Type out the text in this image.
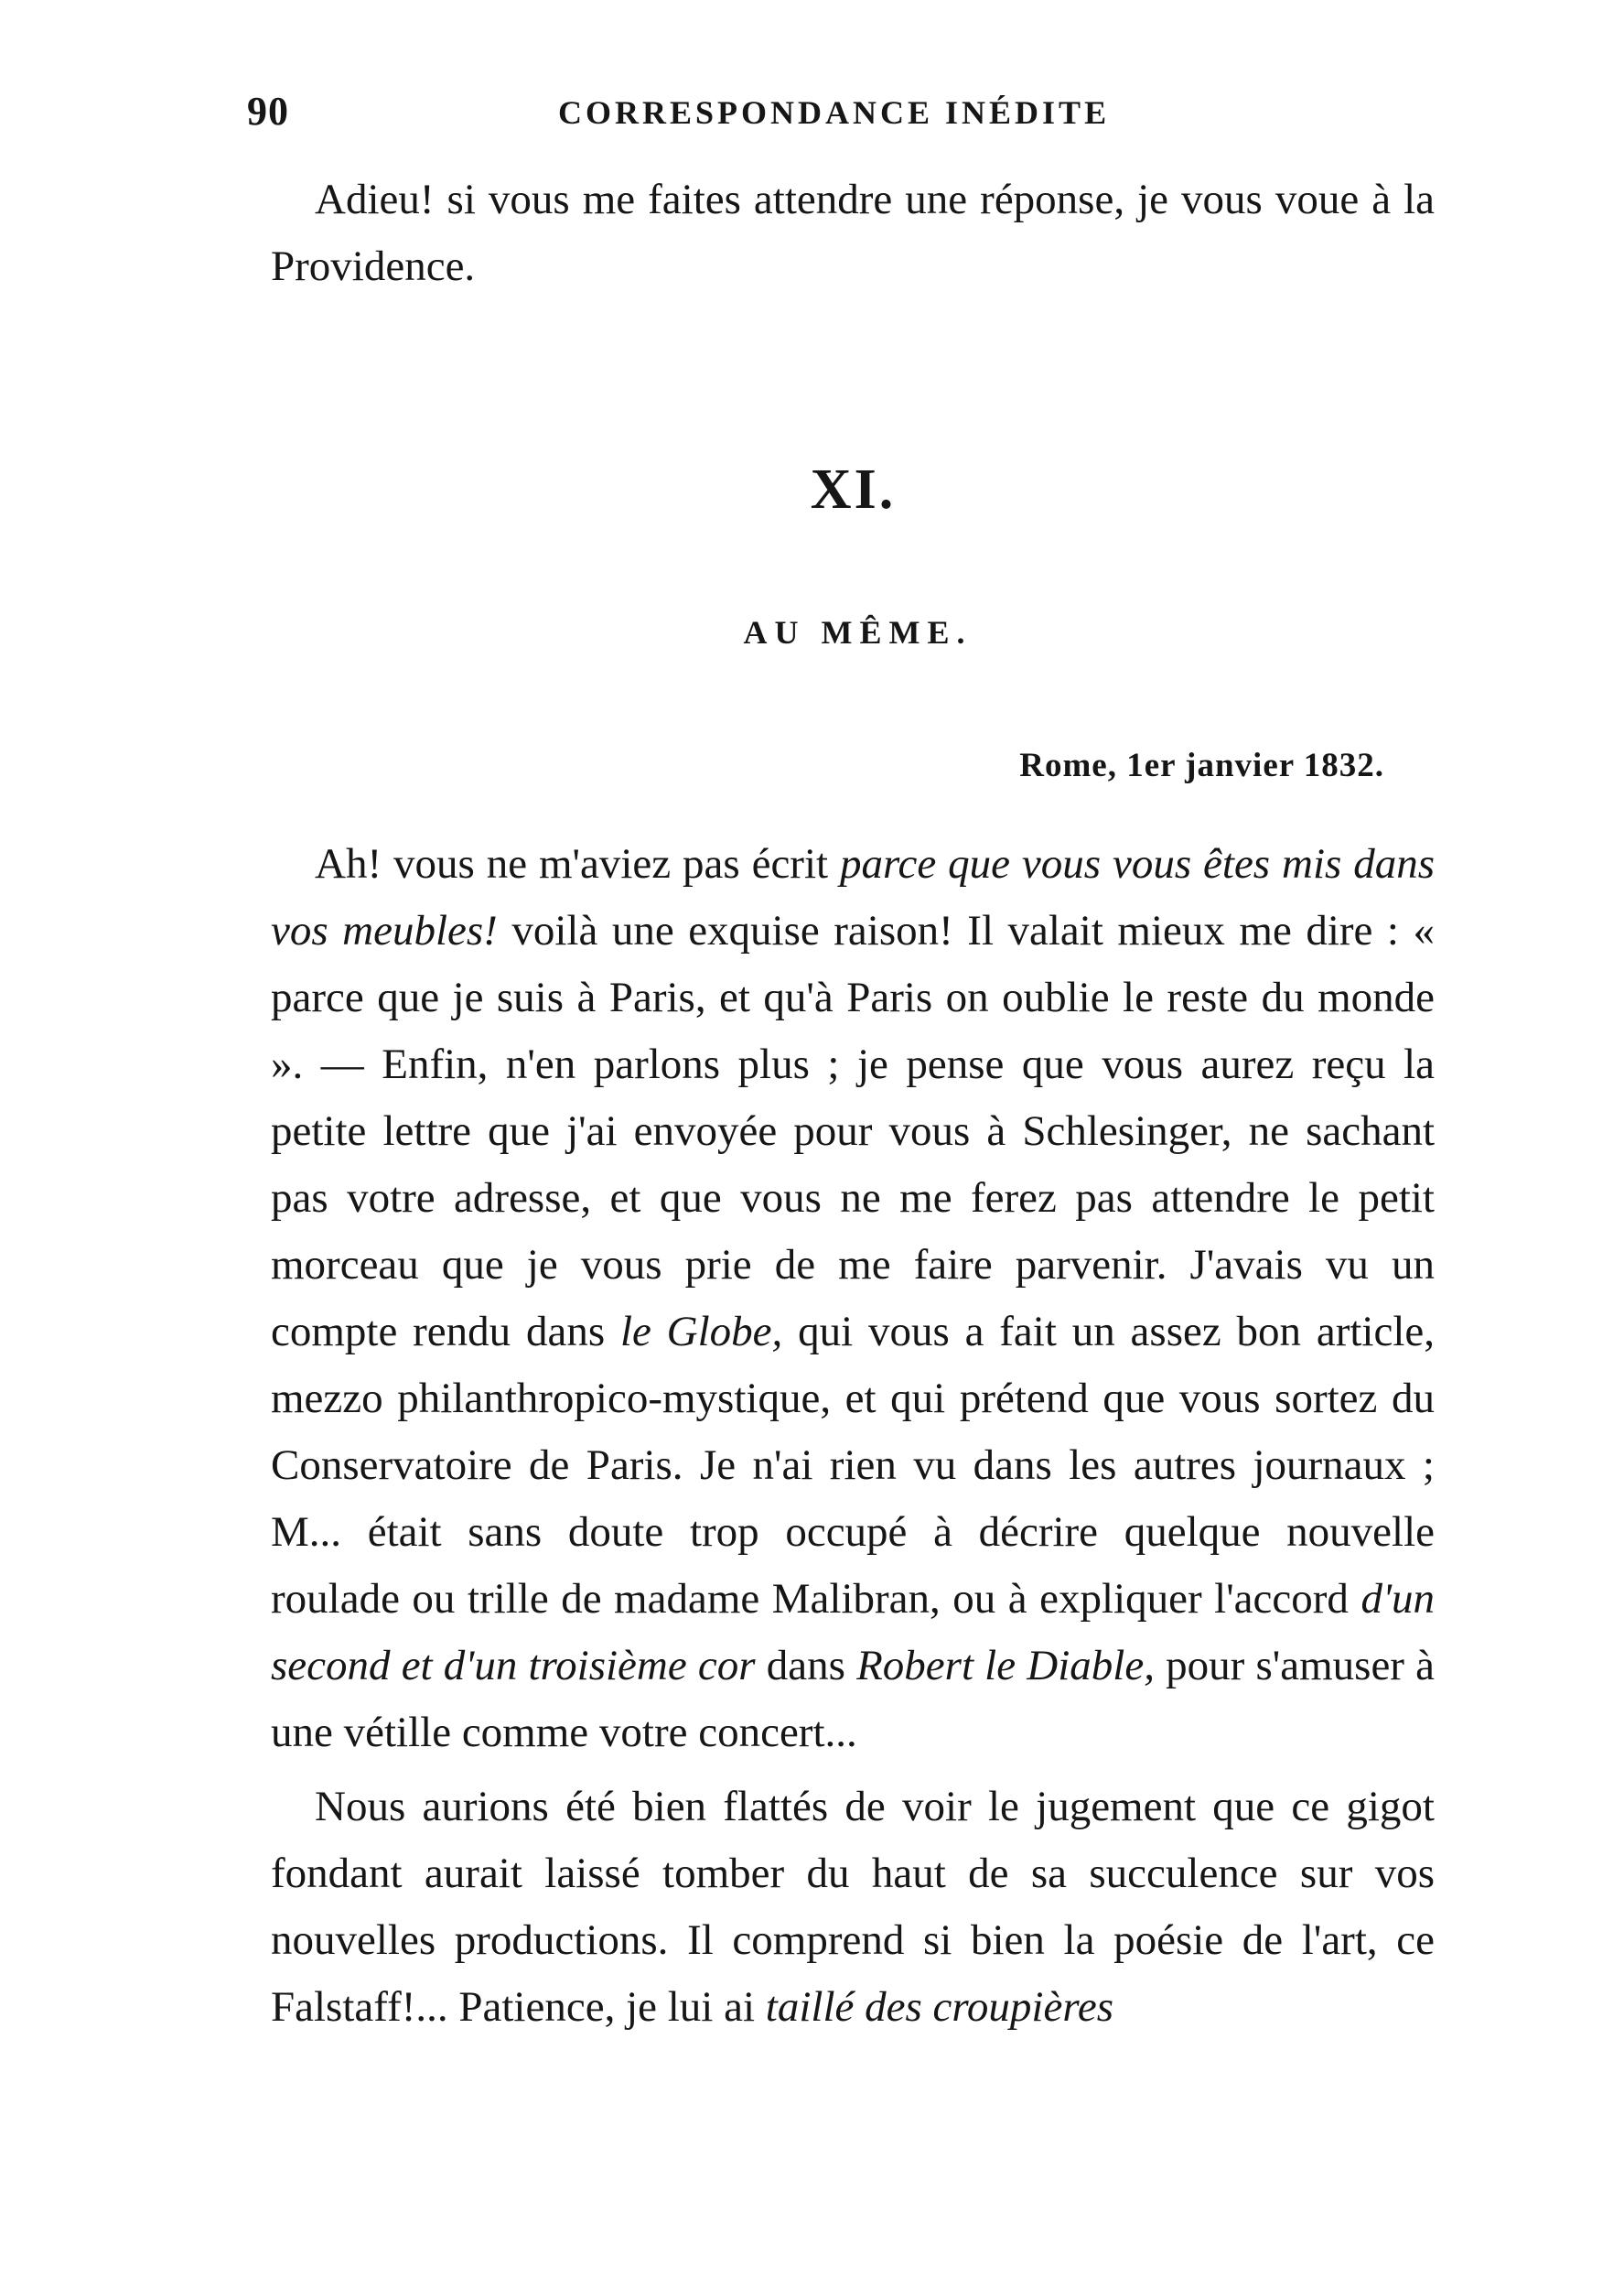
90	CORRESPONDANCE INÉDITE

Adieu! si vous me faites attendre une réponse, je vous voue à la Providence.

XI.
AU MÊME.
Rome, 1er janvier 1832.

Ah! vous ne m'aviez pas écrit parce que vous vous êtes mis dans vos meubles! voilà une exquise raison! Il valait mieux me dire : « parce que je suis à Paris, et qu'à Paris on oublie le reste du monde ». — Enfin, n'en parlons plus ; je pense que vous aurez reçu la petite lettre que j'ai envoyée pour vous à Schlesinger, ne sachant pas votre adresse, et que vous ne me ferez pas attendre le petit morceau que je vous prie de me faire parvenir. J'avais vu un compte rendu dans le Globe, qui vous a fait un assez bon article, mezzo philanthropico-mystique, et qui prétend que vous sortez du Conservatoire de Paris. Je n'ai rien vu dans les autres journaux ; M... était sans doute trop occupé à décrire quelque nouvelle roulade ou trille de madame Malibran, ou à expliquer l'accord d'un second et d'un troisième cor dans Robert le Diable, pour s'amuser à une vétille comme votre concert...

Nous aurions été bien flattés de voir le jugement que ce gigot fondant aurait laissé tomber du haut de sa succulence sur vos nouvelles productions. Il comprend si bien la poésie de l'art, ce Falstaff!... Patience, je lui ai taillé des croupières
